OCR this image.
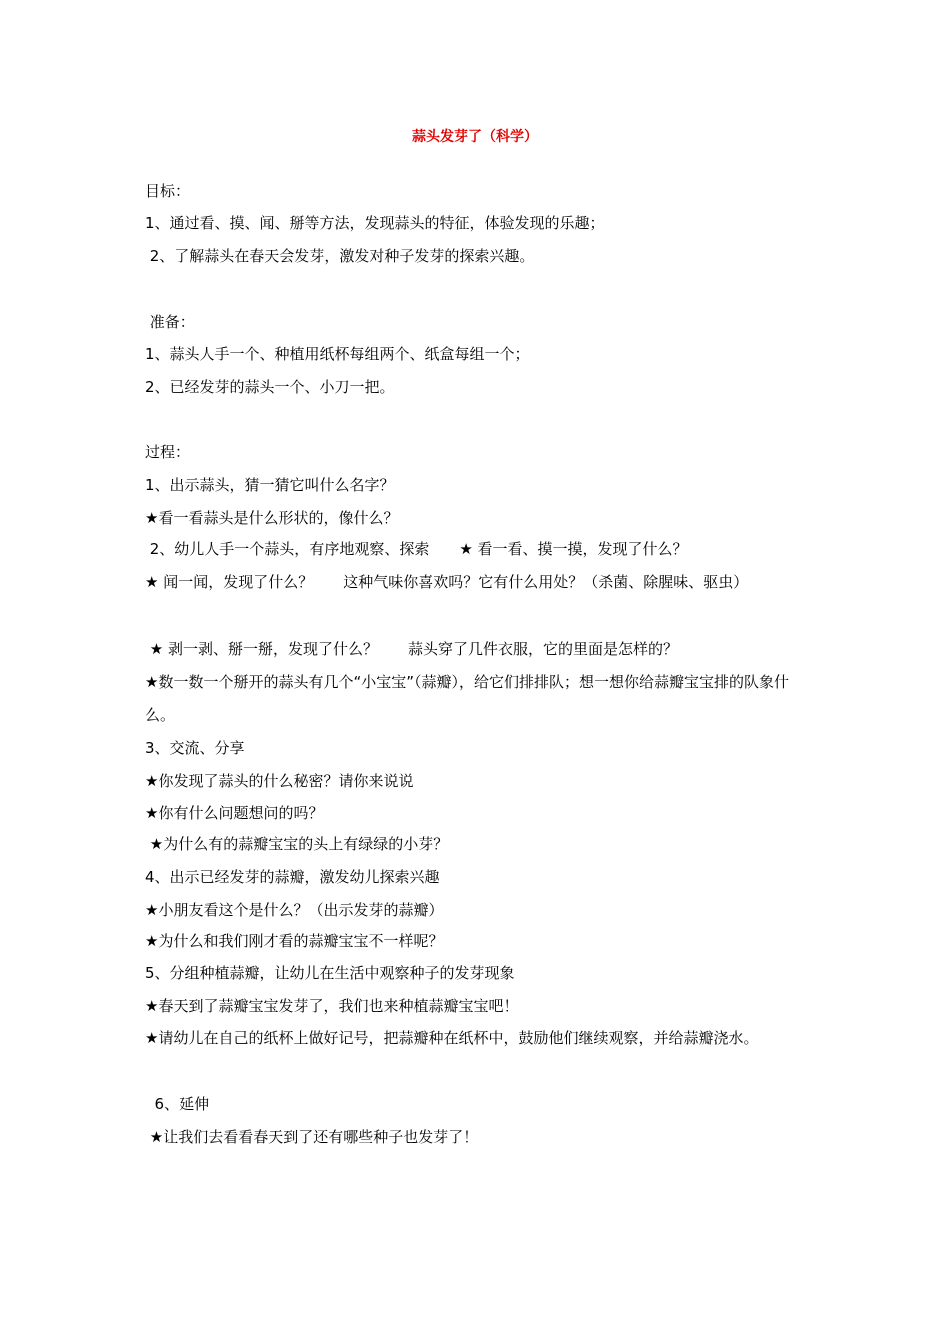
蒜头发芽了（科学）
目标：
1、通过看、摸、闻、掰等方法，发现蒜头的特征，体验发现的乐趣；
2、了解蒜头在春天会发芽，激发对种子发芽的探索兴趣。
准备：
1、蒜头人手一个、种植用纸杯每组两个、纸盒每组一个；
2、已经发芽的蒜头一个、小刀一把。
过程：
1、出示蒜头，猜一猜它叫什么名字？
★看一看蒜头是什么形状的，像什么？
2、幼儿人手一个蒜头，有序地观察、探索　　★ 看一看、摸一摸，发现了什么？
★ 闻一闻，发现了什么？　　这种气味你喜欢吗？它有什么用处？（杀菌、除腥味、驱虫）
★ 剥一剥、掰一掰，发现了什么？　　蒜头穿了几件衣服，它的里面是怎样的？
★数一数一个掰开的蒜头有几个“小宝宝”（蒜瓣），给它们排排队；想一想你给蒜瓣宝宝排的队象什么。
3、交流、分享
★你发现了蒜头的什么秘密？请你来说说
★你有什么问题想问的吗？
★为什么有的蒜瓣宝宝的头上有绿绿的小芽？
4、出示已经发芽的蒜瓣，激发幼儿探索兴趣
★小朋友看这个是什么？（出示发芽的蒜瓣）
★为什么和我们刚才看的蒜瓣宝宝不一样呢？
5、分组种植蒜瓣，让幼儿在生活中观察种子的发芽现象
★春天到了蒜瓣宝宝发芽了，我们也来种植蒜瓣宝宝吧！
★请幼儿在自己的纸杯上做好记号，把蒜瓣种在纸杯中，鼓励他们继续观察，并给蒜瓣浇水。
6、延伸
★让我们去看看春天到了还有哪些种子也发芽了！
